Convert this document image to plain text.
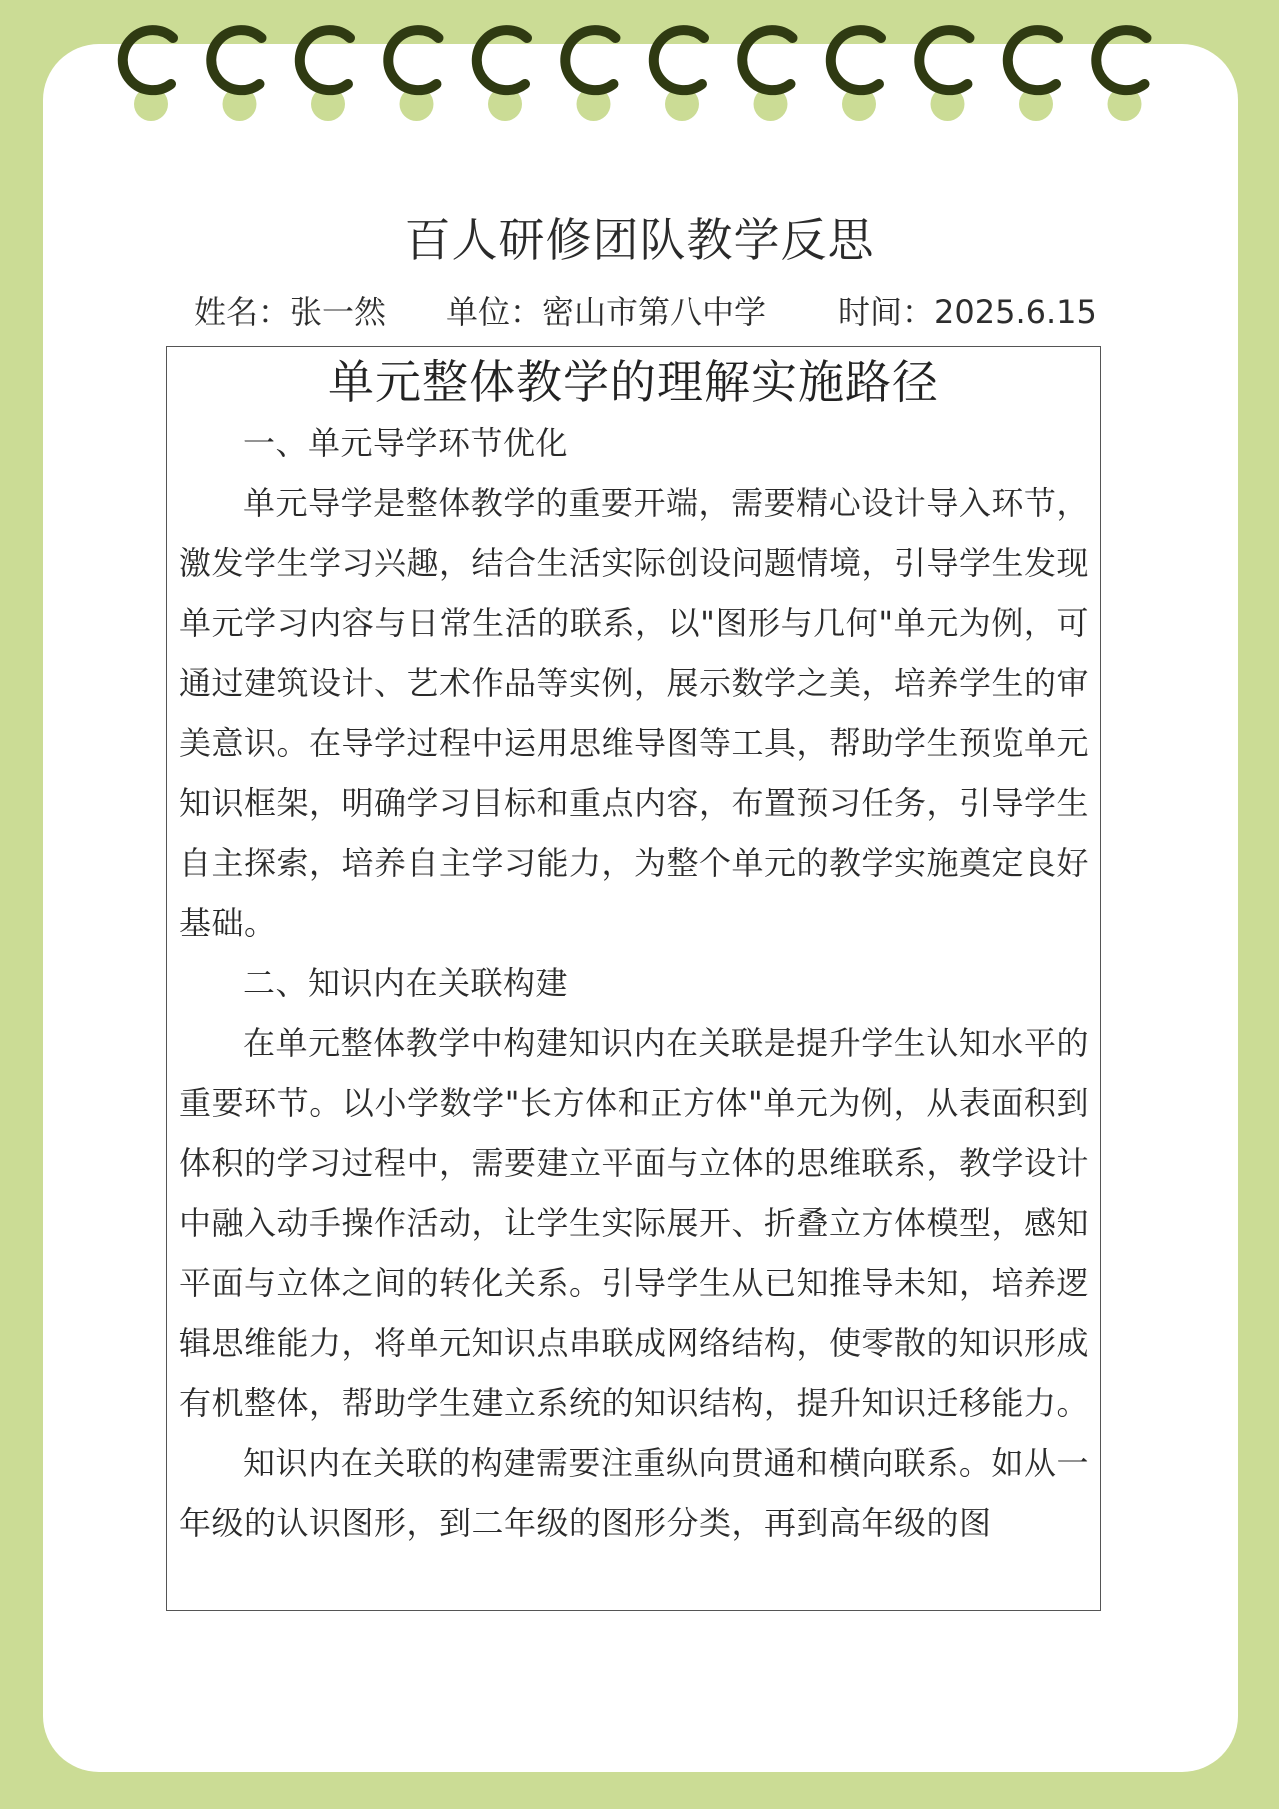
百人研修团队教学反思
姓名：张一然 单位：密山市第八中学 时间：2025.6.15
单元整体教学的理解实施路径

一、单元导学环节优化

单元导学是整体教学的重要开端，需要精心设计导入环节，激发学生学习兴趣，结合生活实际创设问题情境，引导学生发现单元学习内容与日常生活的联系，以"图形与几何"单元为例，可通过建筑设计、艺术作品等实例，展示数学之美，培养学生的审美意识。在导学过程中运用思维导图等工具，帮助学生预览单元知识框架，明确学习目标和重点内容，布置预习任务，引导学生自主探索，培养自主学习能力，为整个单元的教学实施奠定良好基础。

二、知识内在关联构建

在单元整体教学中构建知识内在关联是提升学生认知水平的重要环节。以小学数学"长方体和正方体"单元为例，从表面积到体积的学习过程中，需要建立平面与立体的思维联系，教学设计中融入动手操作活动，让学生实际展开、折叠立方体模型，感知平面与立体之间的转化关系。引导学生从已知推导未知，培养逻辑思维能力，将单元知识点串联成网络结构，使零散的知识形成有机整体，帮助学生建立系统的知识结构，提升知识迁移能力。

知识内在关联的构建需要注重纵向贯通和横向联系。如从一年级的认识图形，到二年级的图形分类，再到高年级的图
